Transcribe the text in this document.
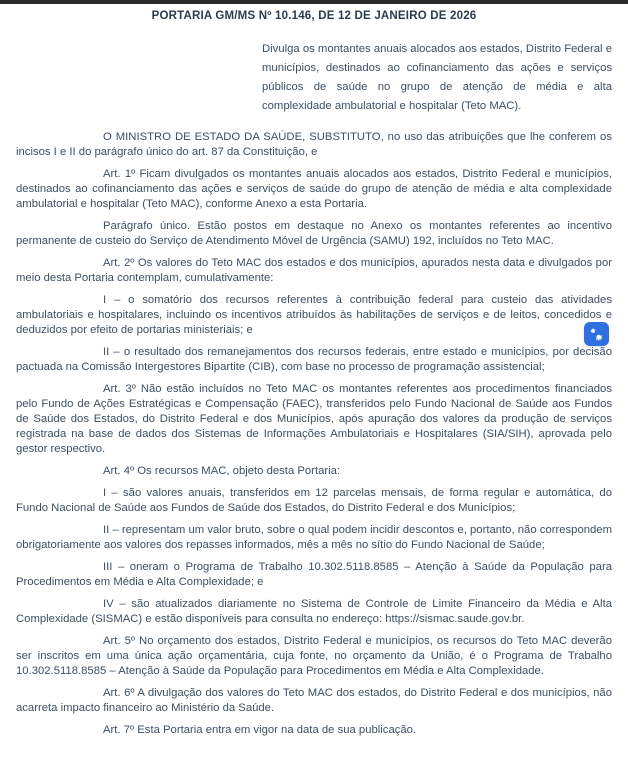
PORTARIA GM/MS Nº 10.146, DE 12 DE JANEIRO DE 2026

Divulga os montantes anuais alocados aos estados, Distrito Federal e municípios, destinados ao cofinanciamento das ações e serviços públicos de saúde no grupo de atenção de média e alta complexidade ambulatorial e hospitalar (Teto MAC).

O MINISTRO DE ESTADO DA SAÚDE, SUBSTITUTO, no uso das atribuições que lhe conferem os incisos I e II do parágrafo único do art. 87 da Constituição, e

Art. 1º Ficam divulgados os montantes anuais alocados aos estados, Distrito Federal e municípios, destinados ao cofinanciamento das ações e serviços de saúde do grupo de atenção de média e alta complexidade ambulatorial e hospitalar (Teto MAC), conforme Anexo a esta Portaria.

Parágrafo único. Estão postos em destaque no Anexo os montantes referentes ao incentivo permanente de custeio do Serviço de Atendimento Móvel de Urgência (SAMU) 192, incluídos no Teto MAC.

Art. 2º Os valores do Teto MAC dos estados e dos municípios, apurados nesta data e divulgados por meio desta Portaria contemplam, cumulativamente:

I – o somatório dos recursos referentes à contribuição federal para custeio das atividades ambulatoriais e hospitalares, incluindo os incentivos atribuídos às habilitações de serviços e de leitos, concedidos e deduzidos por efeito de portarias ministeriais; e

II – o resultado dos remanejamentos dos recursos federais, entre estado e municípios, por decisão pactuada na Comissão Intergestores Bipartite (CIB), com base no processo de programação assistencial;

Art. 3º Não estão incluídos no Teto MAC os montantes referentes aos procedimentos financiados pelo Fundo de Ações Estratégicas e Compensação (FAEC), transferidos pelo Fundo Nacional de Saúde aos Fundos de Saúde dos Estados, do Distrito Federal e dos Municípios, após apuração dos valores da produção de serviços registrada na base de dados dos Sistemas de Informações Ambulatoriais e Hospitalares (SIA/SIH), aprovada pelo gestor respectivo.

Art. 4º Os recursos MAC, objeto desta Portaria:

I – são valores anuais, transferidos em 12 parcelas mensais, de forma regular e automática, do Fundo Nacional de Saúde aos Fundos de Saúde dos Estados, do Distrito Federal e dos Municípios;

II – representam um valor bruto, sobre o qual podem incidir descontos e, portanto, não correspondem obrigatoriamente aos valores dos repasses informados, mês a mês no sítio do Fundo Nacional de Saúde;

III – oneram o Programa de Trabalho 10.302.5118.8585 – Atenção à Saúde da População para Procedimentos em Média e Alta Complexidade; e

IV – são atualizados diariamente no Sistema de Controle de Limite Financeiro da Média e Alta Complexidade (SISMAC) e estão disponíveis para consulta no endereço: https://sismac.saude.gov.br.

Art. 5º No orçamento dos estados, Distrito Federal e municípios, os recursos do Teto MAC deverão ser inscritos em uma única ação orçamentária, cuja fonte, no orçamento da União, é o Programa de Trabalho 10.302.5118.8585 – Atenção à Saúde da População para Procedimentos em Média e Alta Complexidade.

Art. 6º A divulgação dos valores do Teto MAC dos estados, do Distrito Federal e dos municípios, não acarreta impacto financeiro ao Ministério da Saúde.

Art. 7º Esta Portaria entra em vigor na data de sua publicação.
